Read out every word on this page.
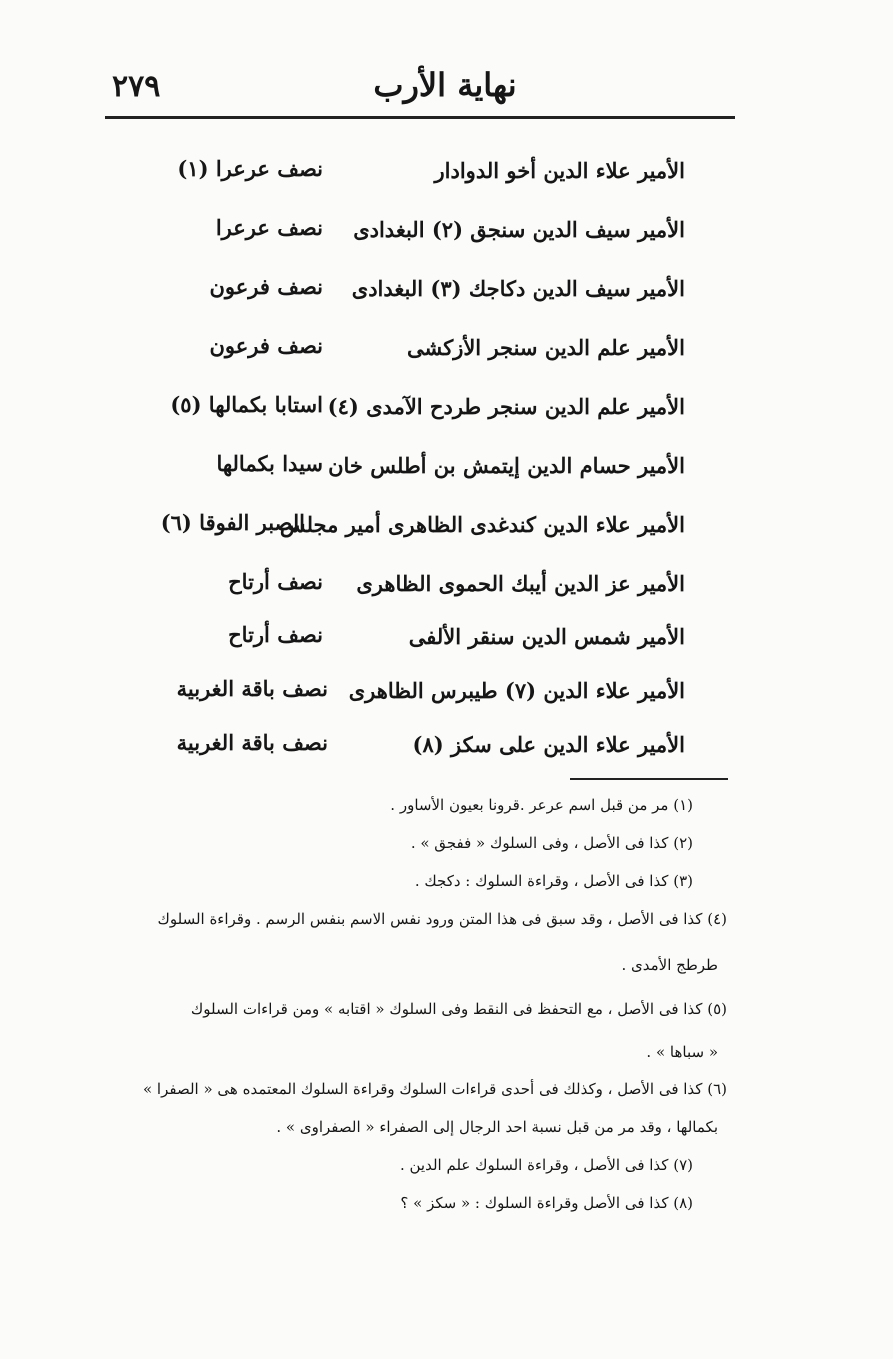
٢٧٩	نهاية الأرب
الأمير علاء الدين أخو الدوادار
نصف عرعرا (١)
الأمير سيف الدين سنجق (٢) البغدادى
نصف عرعرا
الأمير سيف الدين دكاجك (٣) البغدادى
نصف فرعون
الأمير علم الدين سنجر الأزكشى
نصف فرعون
الأمير علم الدين سنجر طردح الآمدى (٤)
استابا بكمالها (٥)
الأمير حسام الدين إيتمش بن أطلس خان
سيدا بكمالها
الأمير علاء الدين كندغدى الظاهرى أمير مجلس
الصبر الفوقا (٦)
الأمير عز الدين أيبك الحموى الظاهرى
نصف أرتاح
الأمير شمس الدين سنقر الألفى
نصف أرتاح
الأمير علاء الدين (٧) طيبرس الظاهرى
نصف باقة الغربية
الأمير علاء الدين على سكز (٨)
نصف باقة الغربية
(١) مر من قبل اسم عرعر .قرونا بعيون الأساور .
(٢) كذا فى الأصل ، وفى السلوك « ففجق » .
(٣) كذا فى الأصل ، وقراءة السلوك : دكجك .
(٤) كذا فى الأصل ، وقد سبق فى هذا المتن ورود نفس الاسم بنفس الرسم . وقراءة السلوك
طرطج الأمدى .
(٥) كذا فى الأصل ، مع التحفظ فى النقط وفى السلوك « اقتابه » ومن قراءات السلوك
« سباها » .
(٦) كذا فى الأصل ، وكذلك فى أحدى قراءات السلوك وقراءة السلوك المعتمده هى « الصفرا »
بكمالها ، وقد مر من قبل نسبة احد الرجال إلى الصفراء « الصفراوى » .
(٧) كذا فى الأصل ، وقراءة السلوك علم الدين .
(٨) كذا فى الأصل وقراءة السلوك : « سكز » ؟
